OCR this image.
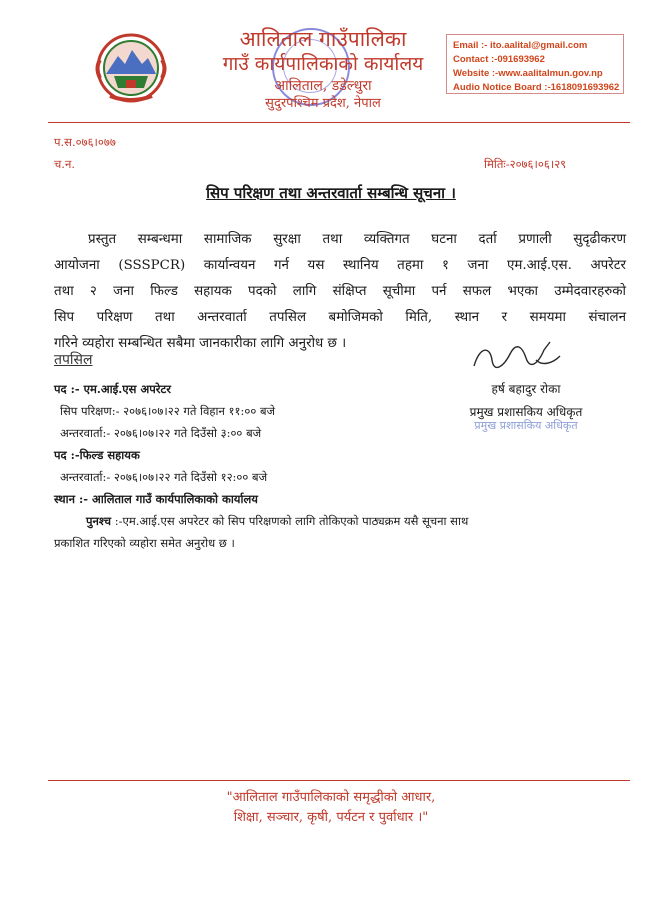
आलिताल गाउँपालिका
गाउँ कार्यपालिकाको कार्यालय
आलिताल, डडेल्धुरा
सुदुरपश्चिम प्रदेश, नेपाल
Email :- ito.aalital@gmail.com
Contact :-091693962
Website :-www.aalitalmun.gov.np
Audio Notice Board :-1618091693962
प.स.०७६।०७७
च.न.	मितिः-२०७६।०६।२९
सिप परिक्षण तथा अन्तरवार्ता सम्बन्धि सूचना ।
प्रस्तुत सम्बन्धमा सामाजिक सुरक्षा तथा व्यक्तिगत घटना दर्ता प्रणाली सुदृढीकरण
आयोजना (SSSPCR) कार्यान्वयन गर्न यस स्थानिय तहमा १ जना एम.आई.एस. अपरेटर
तथा २ जना फिल्ड सहायक पदको लागि संक्षिप्त सूचीमा पर्न सफल भएका उम्मेदवारहरुको
सिप परिक्षण तथा अन्तरवार्ता तपसिल बमोजिमको मिति, स्थान र समयमा संचालन
गरिने व्यहोरा सम्बन्धित सबैमा जानकारीका लागि अनुरोध छ ।
तपसिल
पद :- एम.आई.एस अपरेटर
सिप परिक्षण:- २०७६।०७।२२ गते विहान ११:०० बजे
अन्तरवार्ता:- २०७६।०७।२२ गते दिउँसो ३:०० बजे
पद :-फिल्ड सहायक
अन्तरवार्ता:- २०७६।०७।२२ गते दिउँसो १२:०० बजे
स्थान :- आलिताल गाउँ कार्यपालिकाको कार्यालय
पुनश्च :-एम.आई.एस अपरेटर को सिप परिक्षणको लागि तोकिएको पाठ्यक्रम यसै सूचना साथ
प्रकाशित गरिएको व्यहोरा समेत अनुरोध छ ।
हर्ष बहादुर रोका
प्रमुख प्रशासकिय अधिकृत
प्रमुख प्रशासकिय अधिकृत
"आलिताल गाउँपालिकाको समृद्धीको आधार,
शिक्षा, सञ्चार, कृषी, पर्यटन र पुर्वाधार ।"
